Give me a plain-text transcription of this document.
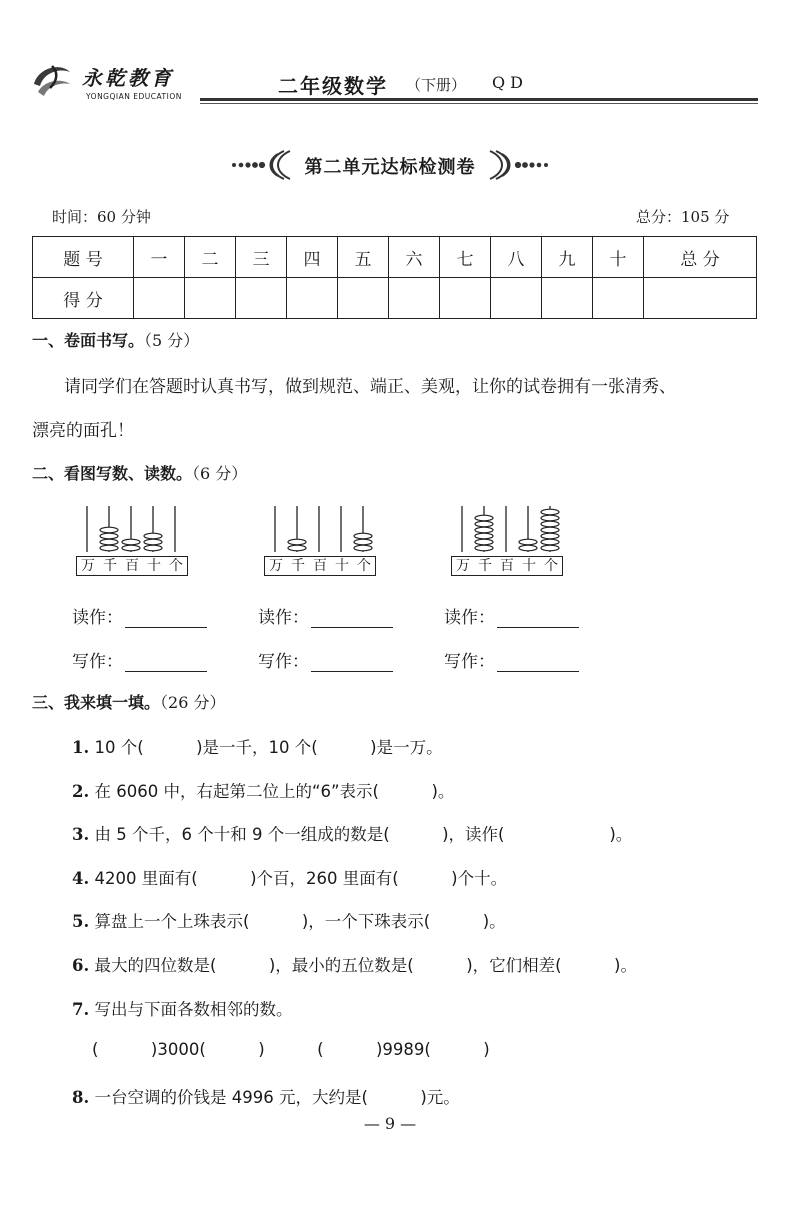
永乾教育
YONGQIAN EDUCATION	二年级数学 （下册） QD
第二单元达标检测卷
时间：60 分钟	总分：105 分
题 号	一	二	三	四	五	六	七	八	九	十	总 分
得 分											
一、卷面书写。（5 分）
请同学们在答题时认真书写，做到规范、端正、美观，让你的试卷拥有一张清秀、
漂亮的面孔！
二、看图写数、读数。（6 分）
万 千 百 十 个	万 千 百 十 个	万 千 百 十 个
读作：	读作：	读作：
写作：	写作：	写作：
三、我来填一填。（26 分）
1. 10 个(          )是一千，10 个(          )是一万。
2. 在 6060 中，右起第二位上的“6”表示(          )。
3. 由 5 个千，6 个十和 9 个一组成的数是(          )，读作(                    )。
4. 4200 里面有(          )个百，260 里面有(          )个十。
5. 算盘上一个上珠表示(          )，一个下珠表示(          )。
6. 最大的四位数是(          )，最小的五位数是(          )，它们相差(          )。
7. 写出与下面各数相邻的数。
(          )3000(          )          (          )9989(          )
8. 一台空调的价钱是 4996 元，大约是(          )元。
— 9 —
